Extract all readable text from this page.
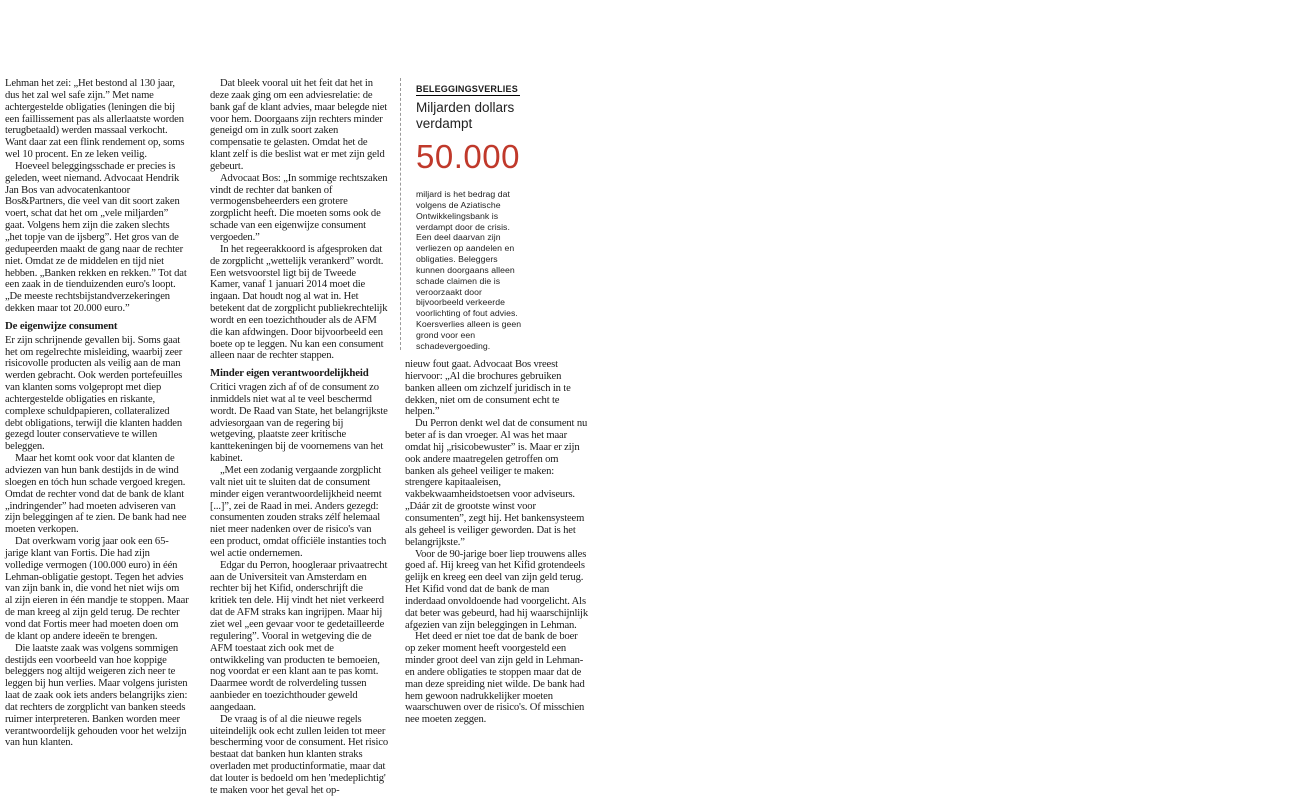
Lehman het zei: „Het bestond al 130 jaar, dus het zal wel safe zijn.” Met name achtergestelde obligaties (leningen die bij een faillissement pas als allerlaatste worden terugbetaald) werden massaal verkocht. Want daar zat een flink rendement op, soms wel 10 procent. En ze leken veilig.

Hoeveel beleggingsschade er precies is geleden, weet niemand. Advocaat Hendrik Jan Bos van advocatenkantoor Bos&Partners, die veel van dit soort zaken voert, schat dat het om „vele miljarden” gaat. Volgens hem zijn die zaken slechts „het topje van de ijsberg”. Het gros van de gedupeerden maakt de gang naar de rechter niet. Omdat ze de middelen en tijd niet hebben. „Banken rekken en rekken.” Tot dat een zaak in de tienduizenden euro's loopt. „De meeste rechtsbijstandverzekeringen dekken maar tot 20.000 euro.”

De eigenwijze consument

Er zijn schrijnende gevallen bij. Soms gaat het om regelrechte misleiding, waarbij zeer risicovolle producten als veilig aan de man werden gebracht. Ook werden portefeuilles van klanten soms volgepropt met diep achtergestelde obligaties en riskante, complexe schuldpapieren, collateralized debt obligations, terwijl die klanten hadden gezegd louter conservatieve te willen beleggen.

Maar het komt ook voor dat klanten de adviezen van hun bank destijds in de wind sloegen en tóch hun schade vergoed kregen. Omdat de rechter vond dat de bank de klant „indringender” had moeten adviseren van zijn beleggingen af te zien. De bank had nee moeten verkopen.

Dat overkwam vorig jaar ook een 65-jarige klant van Fortis. Die had zijn volledige vermogen (100.000 euro) in één Lehman-obligatie gestopt. Tegen het advies van zijn bank in, die vond het niet wijs om al zijn eieren in één mandje te stoppen. Maar de man kreeg al zijn geld terug. De rechter vond dat Fortis meer had moeten doen om de klant op andere ideeën te brengen.

Die laatste zaak was volgens sommigen destijds een voorbeeld van hoe koppige beleggers nog altijd weigeren zich neer te leggen bij hun verlies. Maar volgens juristen laat de zaak ook iets anders belangrijks zien: dat rechters de zorgplicht van banken steeds ruimer interpreteren. Banken worden meer verantwoordelijk gehouden voor het welzijn van hun klanten.

Dat bleek vooral uit het feit dat het in deze zaak ging om een adviesrelatie: de bank gaf de klant advies, maar belegde niet voor hem. Doorgaans zijn rechters minder geneigd om in zulk soort zaken compensatie te gelasten. Omdat het de klant zelf is die beslist wat er met zijn geld gebeurt.

Advocaat Bos: „In sommige rechtszaken vindt de rechter dat banken of vermogensbeheerders een grotere zorgplicht heeft. Die moeten soms ook de schade van een eigenwijze consument vergoeden.”

In het regeerakkoord is afgesproken dat de zorgplicht „wettelijk verankerd” wordt. Een wetsvoorstel ligt bij de Tweede Kamer, vanaf 1 januari 2014 moet die ingaan. Dat houdt nog al wat in. Het betekent dat de zorgplicht publiekrechtelijk wordt en een toezichthouder als de AFM die kan afdwingen. Door bijvoorbeeld een boete op te leggen. Nu kan een consument alleen naar de rechter stappen.

Minder eigen verantwoordelijkheid

Critici vragen zich af of de consument zo inmiddels niet wat al te veel beschermd wordt. De Raad van State, het belangrijkste adviesorgaan van de regering bij wetgeving, plaatste zeer kritische kanttekeningen bij de voornemens van het kabinet.

„Met een zodanig vergaande zorgplicht valt niet uit te sluiten dat de consument minder eigen verantwoordelijkheid neemt [...]”, zei de Raad in mei. Anders gezegd: consumenten zouden straks zélf helemaal niet meer nadenken over de risico's van een product, omdat officiële instanties toch wel actie ondernemen.

Edgar du Perron, hoogleraar privaatrecht aan de Universiteit van Amsterdam en rechter bij het Kifid, onderschrijft die kritiek ten dele. Hij vindt het niet verkeerd dat de AFM straks kan ingrijpen. Maar hij ziet wel „een gevaar voor te gedetailleerde regulering”. Vooral in wetgeving die de AFM toestaat zich ook met de ontwikkeling van producten te bemoeien, nog voordat er een klant aan te pas komt. Daarmee wordt de rolverdeling tussen aanbieder en toezichthouder geweld aangedaan.

De vraag is of al die nieuwe regels uiteindelijk ook echt zullen leiden tot meer bescherming voor de consument. Het risico bestaat dat banken hun klanten straks overladen met productinformatie, maar dat dat louter is bedoeld om hen 'medeplichtig' te maken voor het geval het op-

BELEGGINGSVERLIES
Miljarden dollars verdampt
50.000
miljard is het bedrag dat volgens de Aziatische Ontwikkelingsbank is verdampt door de crisis. Een deel daarvan zijn verliezen op aandelen en obligaties. Beleggers kunnen doorgaans alleen schade claimen die is veroorzaakt door bijvoorbeeld verkeerde voorlichting of fout advies. Koersverlies alleen is geen grond voor een schadevergoeding.

nieuw fout gaat. Advocaat Bos vreest hiervoor: „Al die brochures gebruiken banken alleen om zichzelf juridisch in te dekken, niet om de consument echt te helpen.”

Du Perron denkt wel dat de consument nu beter af is dan vroeger. Al was het maar omdat hij „risicobewuster” is. Maar er zijn ook andere maatregelen getroffen om banken als geheel veiliger te maken: strengere kapitaaleisen, vakbekwaamheidstoetsen voor adviseurs. „Dáár zit de grootste winst voor consumenten”, zegt hij. Het bankensysteem als geheel is veiliger geworden. Dat is het belangrijkste.”

Voor de 90-jarige boer liep trouwens alles goed af. Hij kreeg van het Kifid grotendeels gelijk en kreeg een deel van zijn geld terug. Het Kifid vond dat de bank de man inderdaad onvoldoende had voorgelicht. Als dat beter was gebeurd, had hij waarschijnlijk afgezien van zijn beleggingen in Lehman.

Het deed er niet toe dat de bank de boer op zeker moment heeft voorgesteld een minder groot deel van zijn geld in Lehman- en andere obligaties te stoppen maar dat de man deze spreiding niet wilde. De bank had hem gewoon nadrukkelijker moeten waarschuwen over de risico's. Of misschien nee moeten zeggen.
